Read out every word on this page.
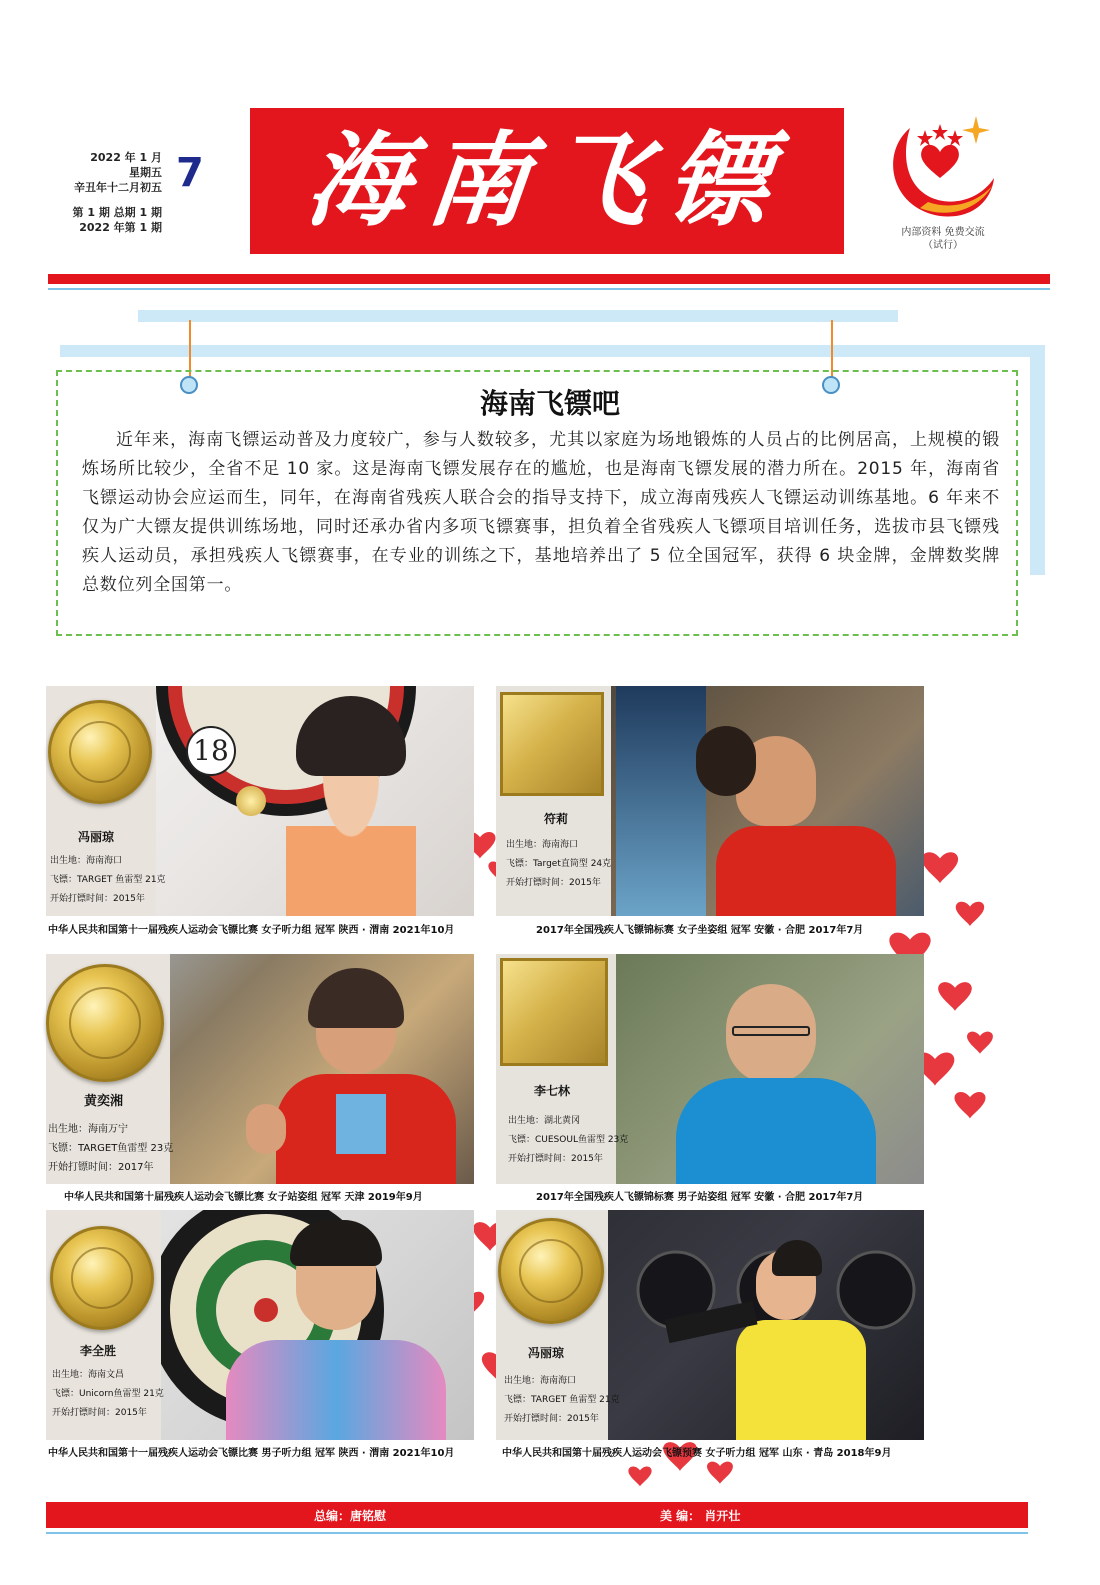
2022 年 1 月
星期五
辛丑年十二月初五
第 1 期 总期 1 期
2022 年第 1 期
7 海南飞镖	内部资料 免费交流
（试行）
海南飞镖吧
近年来，海南飞镖运动普及力度较广，参与人数较多，尤其以家庭为场地锻炼的人员占的比例居高，上规模的锻炼场所比较少，全省不足 10 家。这是海南飞镖发展存在的尴尬，也是海南飞镖发展的潜力所在。2015 年，海南省飞镖运动协会应运而生，同年，在海南省残疾人联合会的指导支持下，成立海南残疾人飞镖运动训练基地。6 年来不仅为广大镖友提供训练场地，同时还承办省内多项飞镖赛事，担负着全省残疾人飞镖项目培训任务，选拔市县飞镖残疾人运动员，承担残疾人飞镖赛事，在专业的训练之下，基地培养出了 5 位全国冠军，获得 6 块金牌，金牌数奖牌总数位列全国第一。
18
冯丽琼
出生地：海南海口
飞镖：TARGET 鱼雷型 21克
开始打镖时间：2015年
中华人民共和国第十一届残疾人运动会飞镖比赛 女子听力组 冠军 陕西 · 渭南 2021年10月
符莉
出生地：海南海口
飞镖：Target直筒型 24克
开始打镖时间：2015年
2017年全国残疾人飞镖锦标赛 女子坐姿组 冠军 安徽 · 合肥 2017年7月
黄奕湘
出生地：海南万宁
飞镖：TARGET鱼雷型 23克
开始打镖时间：2017年
中华人民共和国第十届残疾人运动会飞镖比赛 女子站姿组 冠军 天津 2019年9月
李七林
出生地：湖北黄冈
飞镖：CUESOUL鱼雷型 23克
开始打镖时间：2015年
2017年全国残疾人飞镖锦标赛 男子站姿组 冠军 安徽 · 合肥 2017年7月
李全胜
出生地：海南文昌
飞镖：Unicorn鱼雷型 21克
开始打镖时间：2015年
中华人民共和国第十一届残疾人运动会飞镖比赛 男子听力组 冠军 陕西 · 渭南 2021年10月
冯丽琼
出生地：海南海口
飞镖：TARGET 鱼雷型 21克
开始打镖时间：2015年
中华人民共和国第十届残疾人运动会飞镖预赛 女子听力组 冠军 山东 · 青岛 2018年9月
总编：唐铭慰	美 编： 肖开壮
